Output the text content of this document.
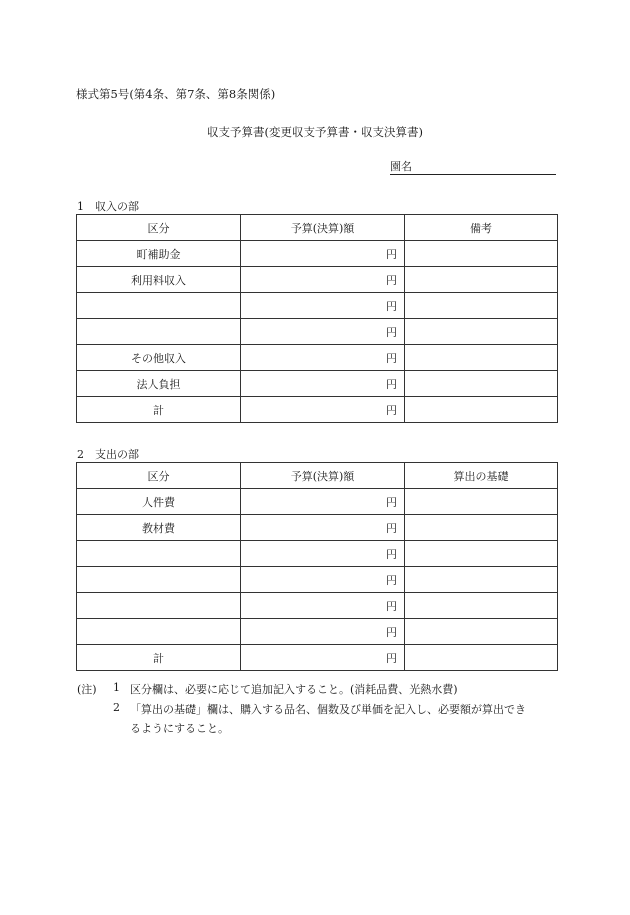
様式第5号(第4条、第7条、第8条関係)
収支予算書(変更収支予算書・収支決算書)
園名
1　収入の部
区分	予算(決算)額	備考
町補助金	円	
利用料収入	円	
	円	
	円	
その他収入	円	
法人負担	円	
計	円	
2　支出の部
区分	予算(決算)額	算出の基礎
人件費	円	
教材費	円	
	円	
	円	
	円	
	円	
計	円	
(注) 1 区分欄は、必要に応じて追加記入すること。(消耗品費、光熱水費)
2 「算出の基礎」欄は、購入する品名、個数及び単価を記入し、必要額が算出でき
るようにすること。
